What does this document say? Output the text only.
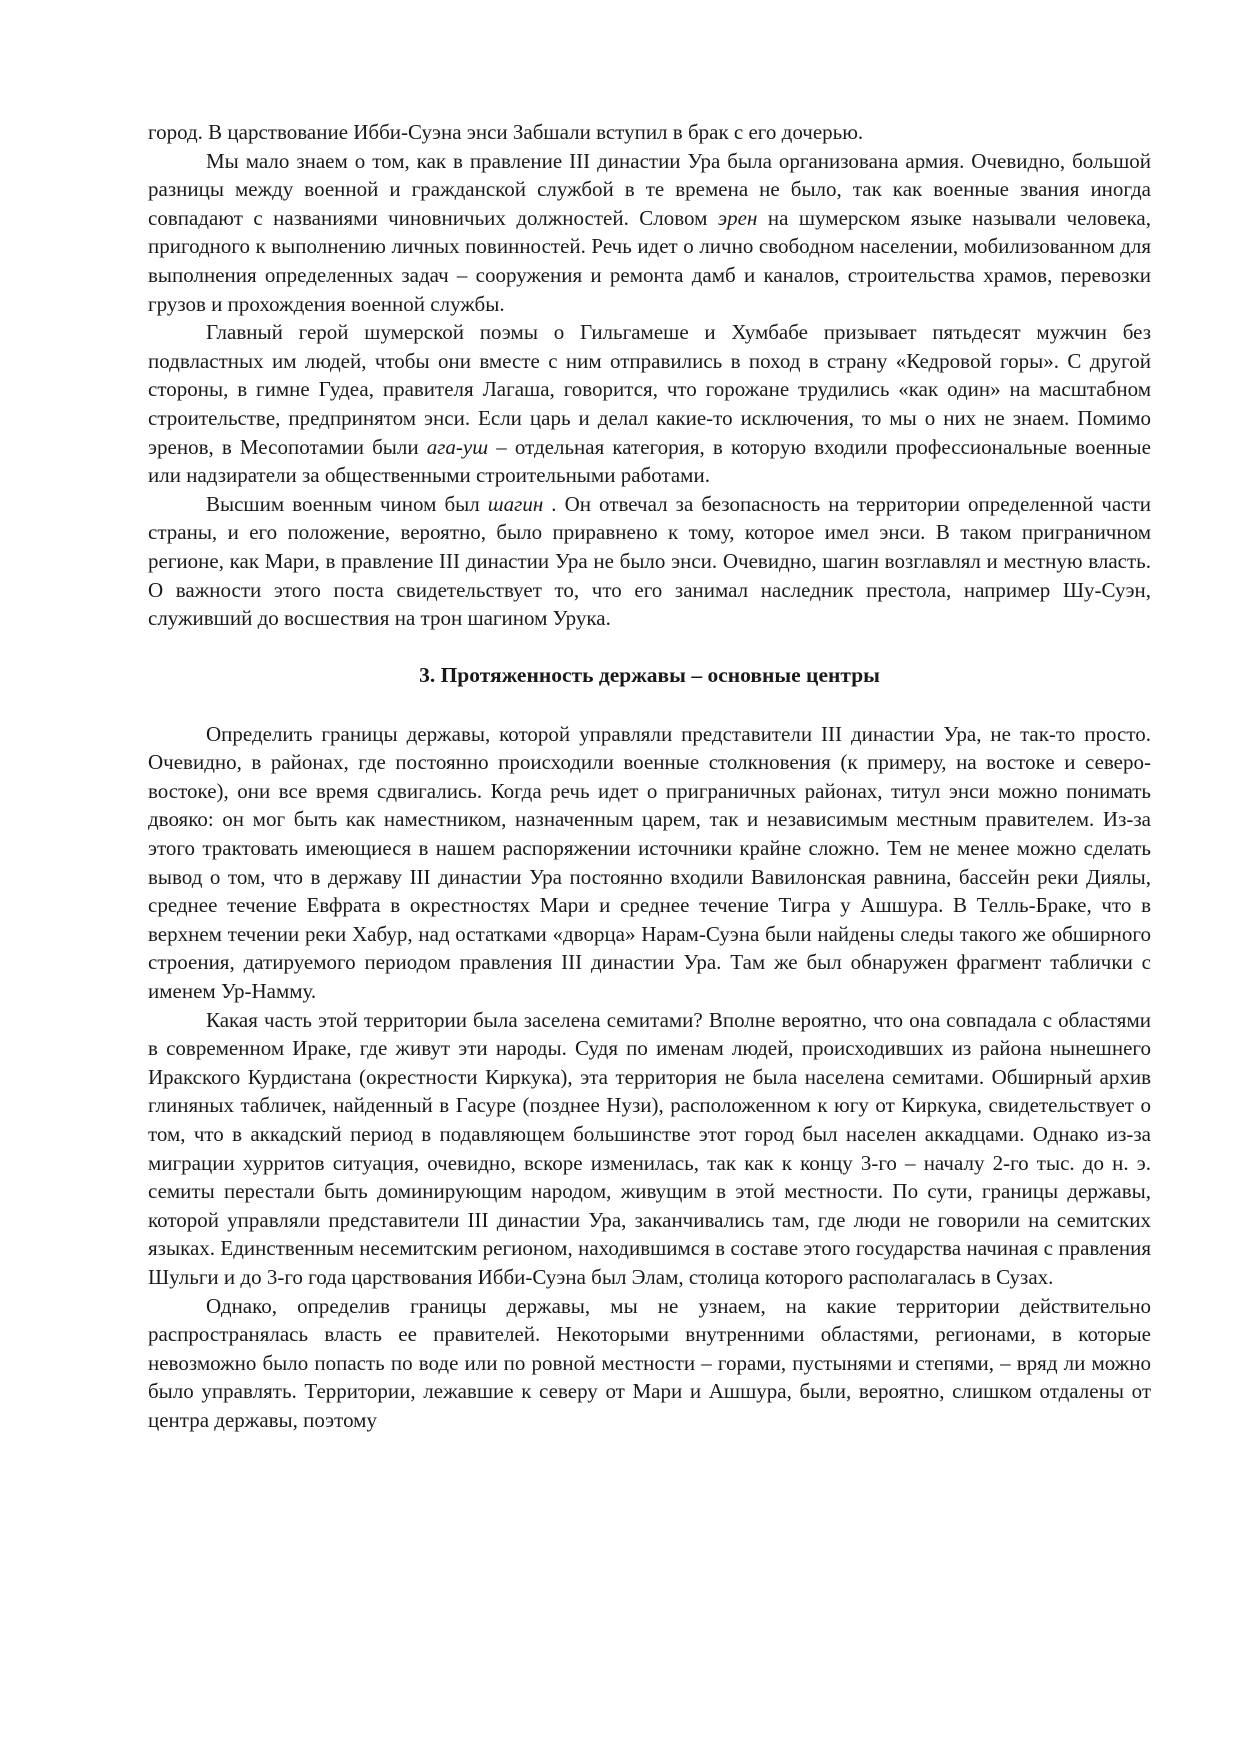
город. В царствование Ибби-Суэна энси Забшали вступил в брак с его дочерью.

Мы мало знаем о том, как в правление III династии Ура была организована армия. Очевидно, большой разницы между военной и гражданской службой в те времена не было, так как военные звания иногда совпадают с названиями чиновничьих должностей. Словом эрен на шумерском языке называли человека, пригодного к выполнению личных повинностей. Речь идет о лично свободном населении, мобилизованном для выполнения определенных задач – сооружения и ремонта дамб и каналов, строительства храмов, перевозки грузов и прохождения военной службы.

Главный герой шумерской поэмы о Гильгамеше и Хумбабе призывает пятьдесят мужчин без подвластных им людей, чтобы они вместе с ним отправились в поход в страну «Кедровой горы». С другой стороны, в гимне Гудеа, правителя Лагаша, говорится, что горожане трудились «как один» на масштабном строительстве, предпринятом энси. Если царь и делал какие-то исключения, то мы о них не знаем. Помимо эренов, в Месопотамии были ага-уш – отдельная категория, в которую входили профессиональные военные или надзиратели за общественными строительными работами.

Высшим военным чином был шагин . Он отвечал за безопасность на территории определенной части страны, и его положение, вероятно, было приравнено к тому, которое имел энси. В таком приграничном регионе, как Мари, в правление III династии Ура не было энси. Очевидно, шагин возглавлял и местную власть. О важности этого поста свидетельствует то, что его занимал наследник престола, например Шу-Суэн, служивший до восшествия на трон шагином Урука.

3. Протяженность державы – основные центры

Определить границы державы, которой управляли представители III династии Ура, не так-то просто. Очевидно, в районах, где постоянно происходили военные столкновения (к примеру, на востоке и северо-востоке), они все время сдвигались. Когда речь идет о приграничных районах, титул энси можно понимать двояко: он мог быть как наместником, назначенным царем, так и независимым местным правителем. Из-за этого трактовать имеющиеся в нашем распоряжении источники крайне сложно. Тем не менее можно сделать вывод о том, что в державу III династии Ура постоянно входили Вавилонская равнина, бассейн реки Диялы, среднее течение Евфрата в окрестностях Мари и среднее течение Тигра у Ашшура. В Телль-Браке, что в верхнем течении реки Хабур, над остатками «дворца» Нарам-Суэна были найдены следы такого же обширного строения, датируемого периодом правления III династии Ура. Там же был обнаружен фрагмент таблички с именем Ур-Намму.

Какая часть этой территории была заселена семитами? Вполне вероятно, что она совпадала с областями в современном Ираке, где живут эти народы. Судя по именам людей, происходивших из района нынешнего Иракского Курдистана (окрестности Киркука), эта территория не была населена семитами. Обширный архив глиняных табличек, найденный в Гасуре (позднее Нузи), расположенном к югу от Киркука, свидетельствует о том, что в аккадский период в подавляющем большинстве этот город был населен аккадцами. Однако из-за миграции хурритов ситуация, очевидно, вскоре изменилась, так как к концу 3-го – началу 2-го тыс. до н. э. семиты перестали быть доминирующим народом, живущим в этой местности. По сути, границы державы, которой управляли представители III династии Ура, заканчивались там, где люди не говорили на семитских языках. Единственным несемитским регионом, находившимся в составе этого государства начиная с правления Шульги и до 3-го года царствования Ибби-Суэна был Элам, столица которого располагалась в Сузах.

Однако, определив границы державы, мы не узнаем, на какие территории действительно распространялась власть ее правителей. Некоторыми внутренними областями, регионами, в которые невозможно было попасть по воде или по ровной местности – горами, пустынями и степями, – вряд ли можно было управлять. Территории, лежавшие к северу от Мари и Ашшура, были, вероятно, слишком отдалены от центра державы, поэтому
